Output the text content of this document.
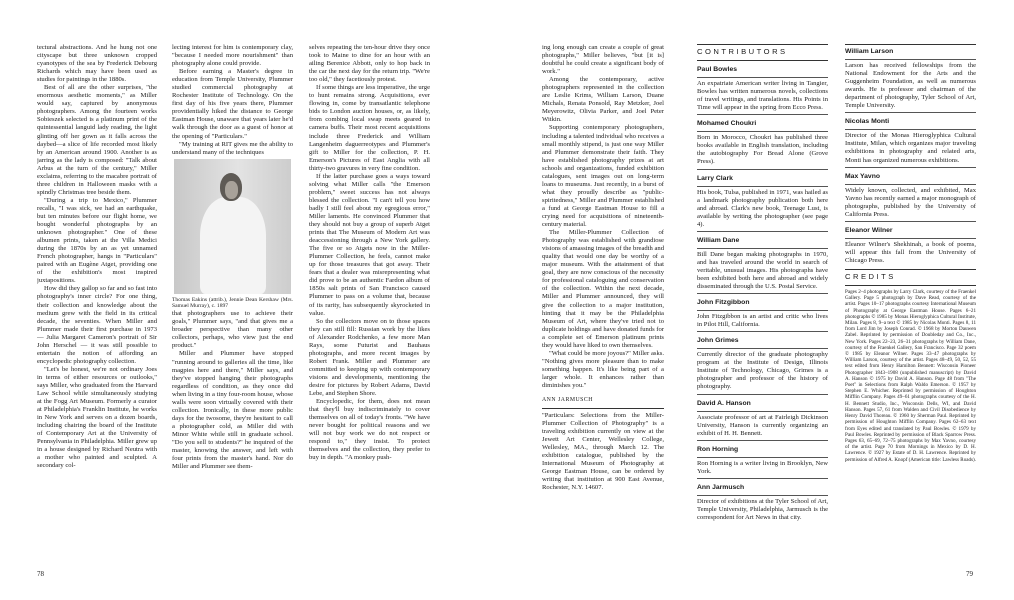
tectural abstractions. And he hung not one cityscape but three unknown cropped cyanotypes of the sea by Frederick Debourg Richards which may have been used as studies for paintings in the 1880s.

Best of all are the other surprises, "the enormous aesthetic moments," as Miller would say, captured by anonymous photographers. Among the fourteen works Sobieszek selected is a platinum print of the quintessential languid lady reading, the light glinting off her gown as it falls across the daybed—a slice of life recorded most likely by an American around 1900. Another is as jarring as the lady is composed: "Talk about Arbus at the turn of the century," Miller exclaims, referring to the macabre portrait of three children in Halloween masks with a spindly Christmas tree beside them.

"During a trip to Mexico," Plummer recalls, "I was sick, we had an earthquake, but ten minutes before our flight home, we bought wonderful photographs by an unknown photographer." One of these albumen prints, taken at the Villa Medici during the 1870s by an as yet unnamed French photographer, hangs in "Particulars" paired with an Eugène Atget, providing one of the exhibition's most inspired juxtapositions.

How did they gallop so far and so fast into photography's inner circle? For one thing, their collection and knowledge about the medium grew with the field in its critical decade, the seventies. When Miller and Plummer made their first purchase in 1973 — Julia Margaret Cameron's portrait of Sir John Herschel — it was still possible to entertain the notion of affording an encyclopedic photography collection.

"Let's be honest, we're not ordinary Joes in terms of either resources or outlooks," says Miller, who graduated from the Harvard Law School while simultaneously studying at the Fogg Art Museum. Formerly a curator at Philadelphia's Franklin Institute, he works in New York and serves on a dozen boards, including chairing the board of the Institute of Contemporary Art at the University of Pennsylvania in Philadelphia. Miller grew up in a house designed by Richard Neutra with a mother who painted and sculpted. A secondary col-

lecting interest for him is contemporary clay, "because I needed more nourishment" than photography alone could provide.

Before earning a Master's degree in education from Temple University, Plummer studied commercial photography at Rochester Institute of Technology. On the first day of his five years there, Plummer providentially hiked the distance to George Eastman House, unaware that years later he'd walk through the door as a guest of honor at the opening of "Particulars."

"My training at RIT gives me the ability to understand many of the techniques

Thomas Eakins (attrib.), Jennie Dean Kershaw (Mrs. Samuel Murray), c. 1897

that photographers use to achieve their goals," Plummer says, "and that gives me a broader perspective than many other collectors, perhaps, who view just the end product."

Miller and Plummer have stopped "running around to galleries all the time, like magpies here and there," Miller says, and they've stopped hanging their photographs regardless of condition, as they once did when living in a tiny four-room house, whose walls were soon virtually covered with their collection. Ironically, in these more public days for the twosome, they're hesitant to call a photographer cold, as Miller did with Minor White while still in graduate school. "Do you sell to students?" he inquired of the master, knowing the answer, and left with four prints from the master's hand. Nor do Miller and Plummer see them-

selves repeating the ten-hour drive they once took to Maine to dine for an hour with an ailing Berenice Abbott, only to hop back in the car the next day for the return trip. "We're too old," they facetiously protest.

If some things are less imperative, the urge to hunt remains strong. Acquisitions, ever flowing in, come by transatlantic telephone bids to London auction houses, or, as likely, from combing local swap meets geared to camera buffs. Their most recent acquisitions include three Frederick and William Langenheim daguerreotypes and Plummer's gift to Miller for the collection, P. H. Emerson's Pictures of East Anglia with all thirty-two gravures in very fine condition.

If the latter purchase goes a ways toward solving what Miller calls "the Emerson problem," sweet success has not always blessed the collection. "I can't tell you how badly I still feel about my egregious error," Miller laments. He convinced Plummer that they should not buy a group of superb Atget prints that The Museum of Modern Art was deaccessioning through a New York gallery. The five or so Atgets now in the Miller-Plummer Collection, he feels, cannot make up for those treasures that got away. Their fears that a dealer was misrepresenting what did prove to be an authentic Fardon album of 1850s salt prints of San Francisco caused Plummer to pass on a volume that, because of its rarity, has subsequently skyrocketed in value.

So the collectors move on to those spaces they can still fill: Russian work by the likes of Alexander Rodchenko, a few more Man Rays, some Futurist and Bauhaus photographs, and more recent images by Robert Frank. Miller and Plummer are committed to keeping up with contemporary visions and developments, mentioning the desire for pictures by Robert Adams, David Lebe, and Stephen Shore.

Encyclopedic, for them, does not mean that they'll buy indiscriminately to cover themselves on all of today's fronts. "We have never bought for political reasons and we will not buy work we do not respect or respond to," they insist. To protect themselves and the collection, they prefer to buy in depth. "A monkey push-

78

ing long enough can create a couple of great photographs," Miller believes, "but [it is] doubtful he could create a significant body of work."

Among the contemporary, active photographers represented in the collection are Leslie Krims, William Larson, Duane Michals, Renata Ponsold, Ray Metzker, Joel Meyerowitz, Olivia Parker, and Joel Peter Witkin.

Supporting contemporary photographers, including a talented individual who receives a small monthly stipend, is just one way Miller and Plummer demonstrate their faith. They have established photography prizes at art schools and organizations, funded exhibition catalogues, sent images out on long-term loans to museums. Just recently, in a burst of what they proudly describe as "public-spiritedness," Miller and Plummer established a fund at George Eastman House to fill a crying need for acquisitions of nineteenth-century material.

The Miller-Plummer Collection of Photography was established with grandiose visions of amassing images of the breadth and quality that would one day be worthy of a major museum. With the attainment of that goal, they are now conscious of the necessity for professional cataloguing and conservation of the collection. Within the next decade, Miller and Plummer announced, they will give the collection to a major institution, hinting that it may be the Philadelphia Museum of Art, where they've tried not to duplicate holdings and have donated funds for a complete set of Emerson platinum prints they would have liked to own themselves.

"What could be more joyous?" Miller asks. "Nothing gives more pleasure than to make something happen. It's like being part of a larger whole. It enhances rather than diminishes you."

ANN JARMUSCH

"Particulars: Selections from the Miller-Plummer Collection of Photography" is a traveling exhibition currently on view at the Jewett Art Center, Wellesley College, Wellesley, MA., through March 12. The exhibition catalogue, published by the International Museum of Photography at George Eastman House, can be ordered by writing that institution at 900 East Avenue, Rochester, N.Y. 14607.

CONTRIBUTORS
Paul Bowles
An expatriate American writer living in Tangier, Bowles has written numerous novels, collections of travel writings, and translations. His Points in Time will appear in the spring from Ecco Press.
Mohamed Choukri
Born in Morocco, Choukri has published three books available in English translation, including the autobiography For Bread Alone (Grove Press).
Larry Clark
His book, Tulsa, published in 1971, was hailed as a landmark photography publication both here and abroad. Clark's new book, Teenage Lust, is available by writing the photographer (see page 4).
William Dane
Bill Dane began making photographs in 1970, and has traveled around the world in search of veritable, unusual images. His photographs have been exhibited both here and abroad and widely disseminated through the U.S. Postal Service.
John Fitzgibbon
John Fitzgibbon is an artist and critic who lives in Pilot Hill, California.
John Grimes
Currently director of the graduate photography program at the Institute of Design, Illinois Institute of Technology, Chicago, Grimes is a photographer and professor of the history of photography.
David A. Hanson
Associate professor of art at Fairleigh Dickinson University, Hanson is currently organizing an exhibit of H. H. Bennett.
Ron Horning
Ron Horning is a writer living in Brooklyn, New York.
Ann Jarmusch
Director of exhibitions at the Tyler School of Art, Temple University, Philadelphia, Jarmusch is the correspondent for Art News in that city.
William Larson
Larson has received fellowships from the National Endowment for the Arts and the Guggenheim Foundation, as well as numerous awards. He is professor and chairman of the department of photography, Tyler School of Art, Temple University.
Nicolas Monti
Director of the Monas Hieroglyphica Cultural Institute, Milan, which organizes major traveling exhibitions in photography and related arts, Monti has organized numerous exhibitions.
Max Yavno
Widely known, collected, and exhibited, Max Yavno has recently earned a major monograph of photographs, published by the University of California Press.
Eleanor Wilner
Eleanor Wilner's Shekhinah, a book of poems, will appear this fall from the University of Chicago Press.
CREDITS
Pages 2–4 photographs by Larry Clark, courtesy of the Fraenkel Gallery. Page 5 photograph by Dave Read, courtesy of the artist. Pages 10–17 photographs courtesy International Museum of Photography at George Eastman House. Pages 6–21 photographs © 1985 by Monas Hieroglyphica Cultural Institute, Milan. Pages 8, 9–a text © 1985 by Nicolas Monti. Pages 8, 11 from Lord Jim by Joseph Conrad. © 1968 by Morton Dauwen Zabel. Reprinted by permission of Doubleday and Co., Inc., New York. Pages 22–23, 26–31 photographs by William Dane, courtesy of the Fraenkel Gallery, San Francisco. Page 32 poem © 1985 by Eleanor Wilner. Pages 33–47 photographs by William Larson, courtesy of the artist. Pages 48–49, 50, 52, 55 text edited from Henry Hamilton Bennett: Wisconsin Pioneer Photographer 1843–1908 (unpublished manuscript) by David A. Hanson © 1975 by David A. Hanson. Page 48 from "The Poet" in Selections from Ralph Waldo Emerson. © 1957 by Stephen E. Whicher. Reprinted by permission of Houghton Mifflin Company. Pages 49–61 photographs courtesy of the H. H. Bennett Studio, Inc., Wisconsin Dells, WI, and David Hanson. Pages 57, 61 from Walden and Civil Disobedience by Henry David Thoreau. © 1960 by Sherman Paul. Reprinted by permission of Houghton Mifflin Company. Pages 62–63 text from Eyes edited and translated by Paul Bowles. © 1979 by Paul Bowles. Reprinted by permission of Black Sparrow Press. Pages 63, 65–69, 72–75 photographs by Max Yavno, courtesy of the artist. Page 70 from Mornings in Mexico by D. H. Lawrence. © 1927 by Estate of D. H. Lawrence. Reprinted by permission of Alfred A. Knopf (American title: Lawless Roads).
79
